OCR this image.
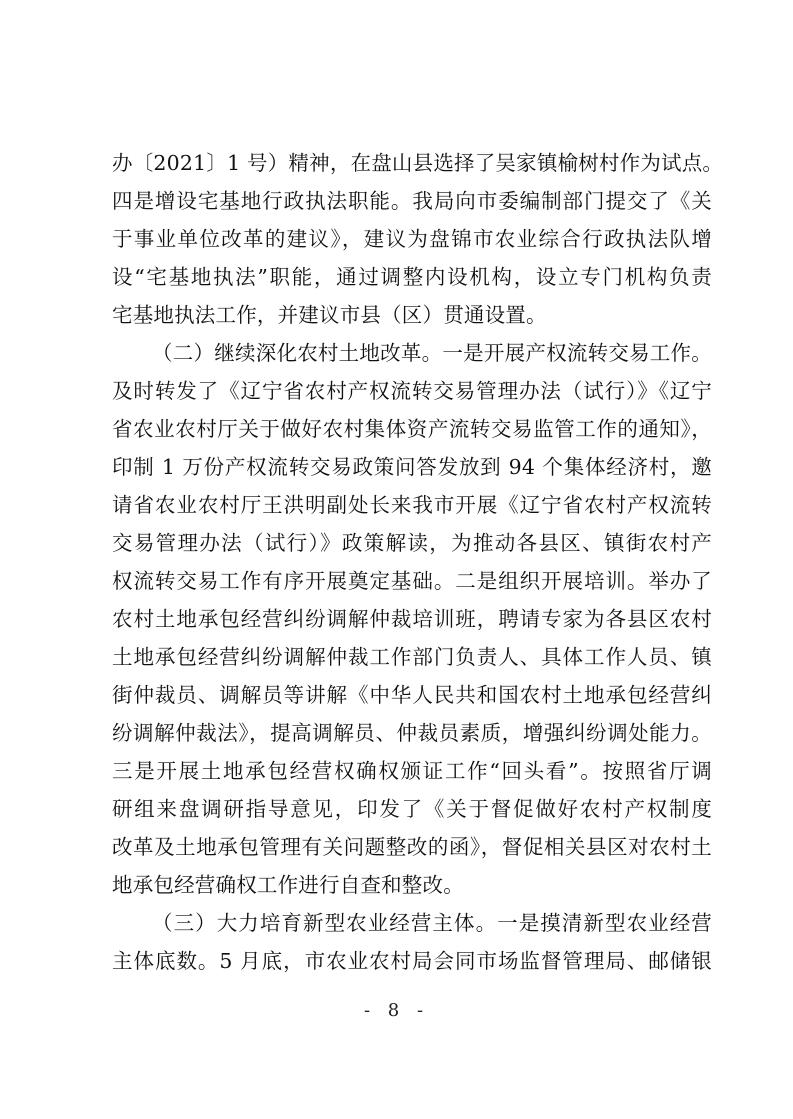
办〔2021〕1 号）精神，在盘山县选择了吴家镇榆树村作为试点。
四是增设宅基地行政执法职能。我局向市委编制部门提交了《关
于事业单位改革的建议》，建议为盘锦市农业综合行政执法队增
设“宅基地执法”职能，通过调整内设机构，设立专门机构负责
宅基地执法工作，并建议市县（区）贯通设置。
（二）继续深化农村土地改革。一是开展产权流转交易工作。
及时转发了《辽宁省农村产权流转交易管理办法（试行）》《辽宁
省农业农村厅关于做好农村集体资产流转交易监管工作的通知》，
印制 1 万份产权流转交易政策问答发放到 94 个集体经济村，邀
请省农业农村厅王洪明副处长来我市开展《辽宁省农村产权流转
交易管理办法（试行）》政策解读，为推动各县区、镇街农村产
权流转交易工作有序开展奠定基础。二是组织开展培训。举办了
农村土地承包经营纠纷调解仲裁培训班，聘请专家为各县区农村
土地承包经营纠纷调解仲裁工作部门负责人、具体工作人员、镇
街仲裁员、调解员等讲解《中华人民共和国农村土地承包经营纠
纷调解仲裁法》，提高调解员、仲裁员素质，增强纠纷调处能力。
三是开展土地承包经营权确权颁证工作“回头看”。按照省厅调
研组来盘调研指导意见，印发了《关于督促做好农村产权制度
改革及土地承包管理有关问题整改的函》，督促相关县区对农村土
地承包经营确权工作进行自查和整改。
（三）大力培育新型农业经营主体。一是摸清新型农业经营
主体底数。5 月底，市农业农村局会同市场监督管理局、邮储银
- 8 -
